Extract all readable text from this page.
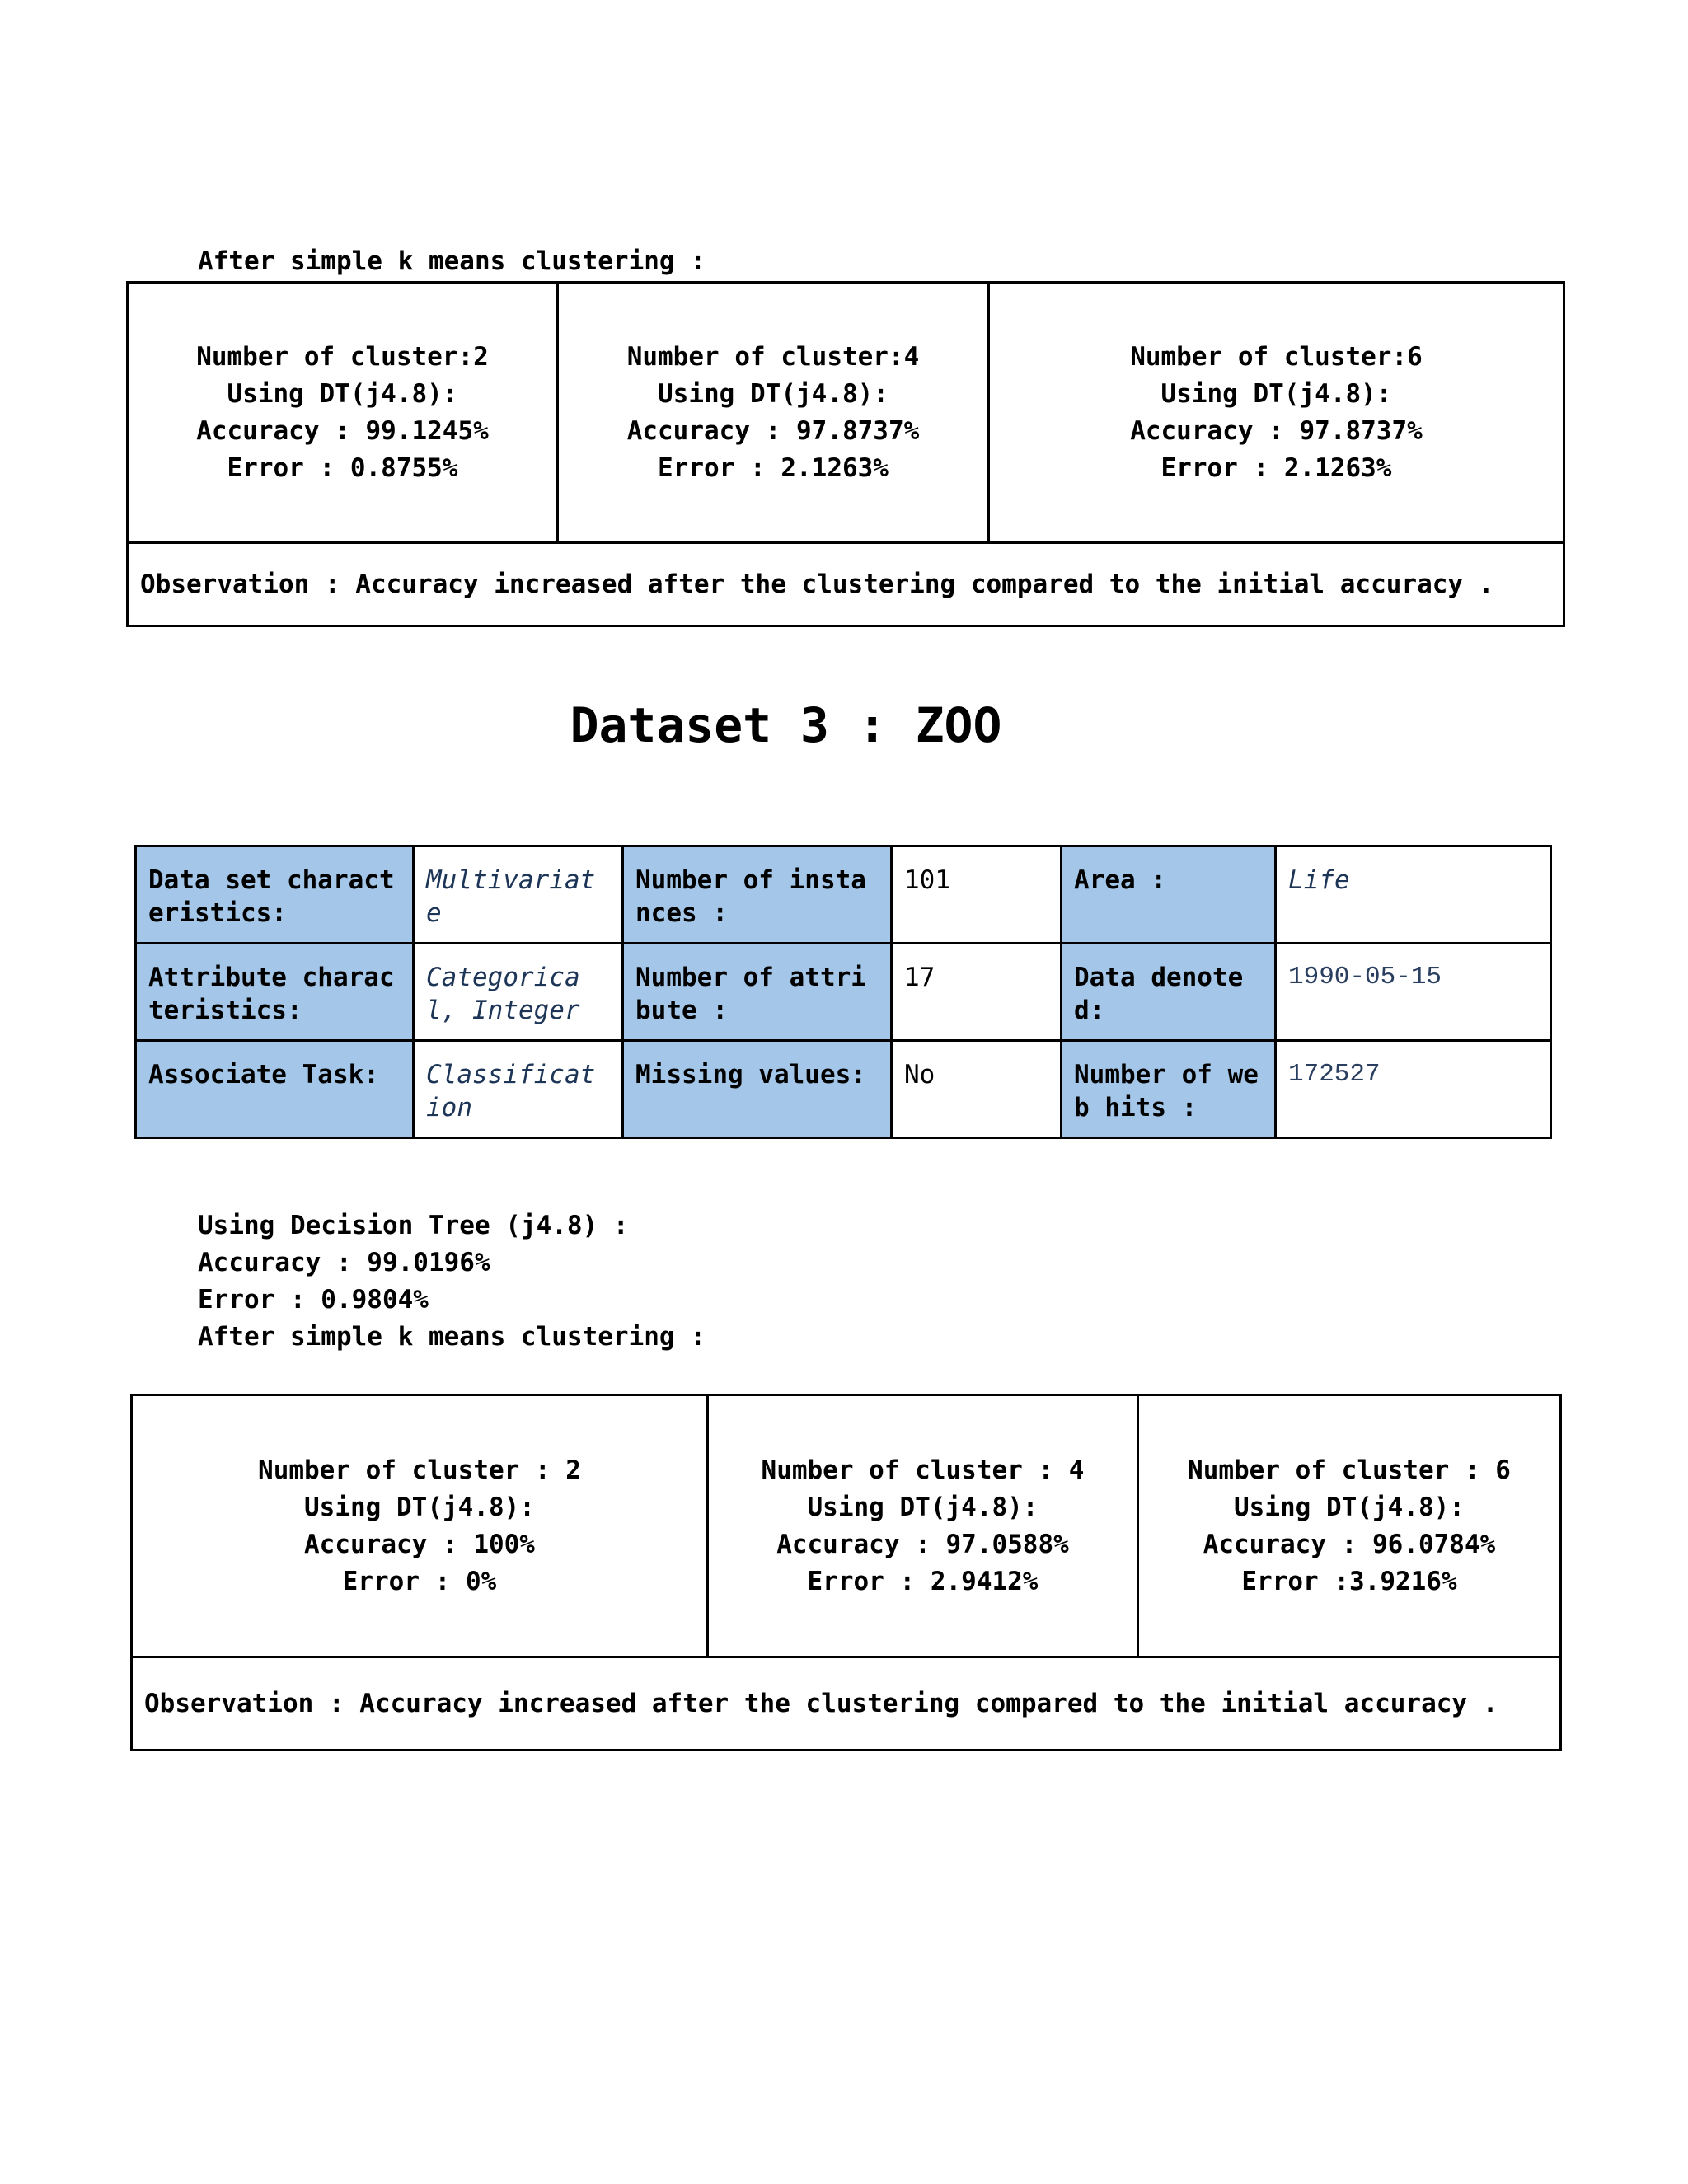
After simple k means clustering :
Number of cluster:2
Using DT(j4.8):
Accuracy : 99.1245%
Error : 0.8755%

Number of cluster:4
Using DT(j4.8):
Accuracy : 97.8737%
Error : 2.1263%

Number of cluster:6
Using DT(j4.8):
Accuracy : 97.8737%
Error : 2.1263%

Observation : Accuracy increased after the clustering compared to the initial accuracy .
Dataset 3 : ZOO
Data set characteristics:	Multivariate	Number of instances :	101	Area :	Life
Attribute characteristics:	Categorical, Integer	Number of attribute :	17	Data denoted:	1990-05-15
Associate Task:	Classification	Missing values:	No	Number of web hits :	172527
Using Decision Tree (j4.8) :
Accuracy : 99.0196%
Error : 0.9804%
After simple k means clustering :
Number of cluster : 2
Using DT(j4.8):
Accuracy : 100%
Error : 0%

Number of cluster : 4
Using DT(j4.8):
Accuracy : 97.0588%
Error : 2.9412%

Number of cluster : 6
Using DT(j4.8):
Accuracy : 96.0784%
Error :3.9216%

Observation : Accuracy increased after the clustering compared to the initial accuracy .
